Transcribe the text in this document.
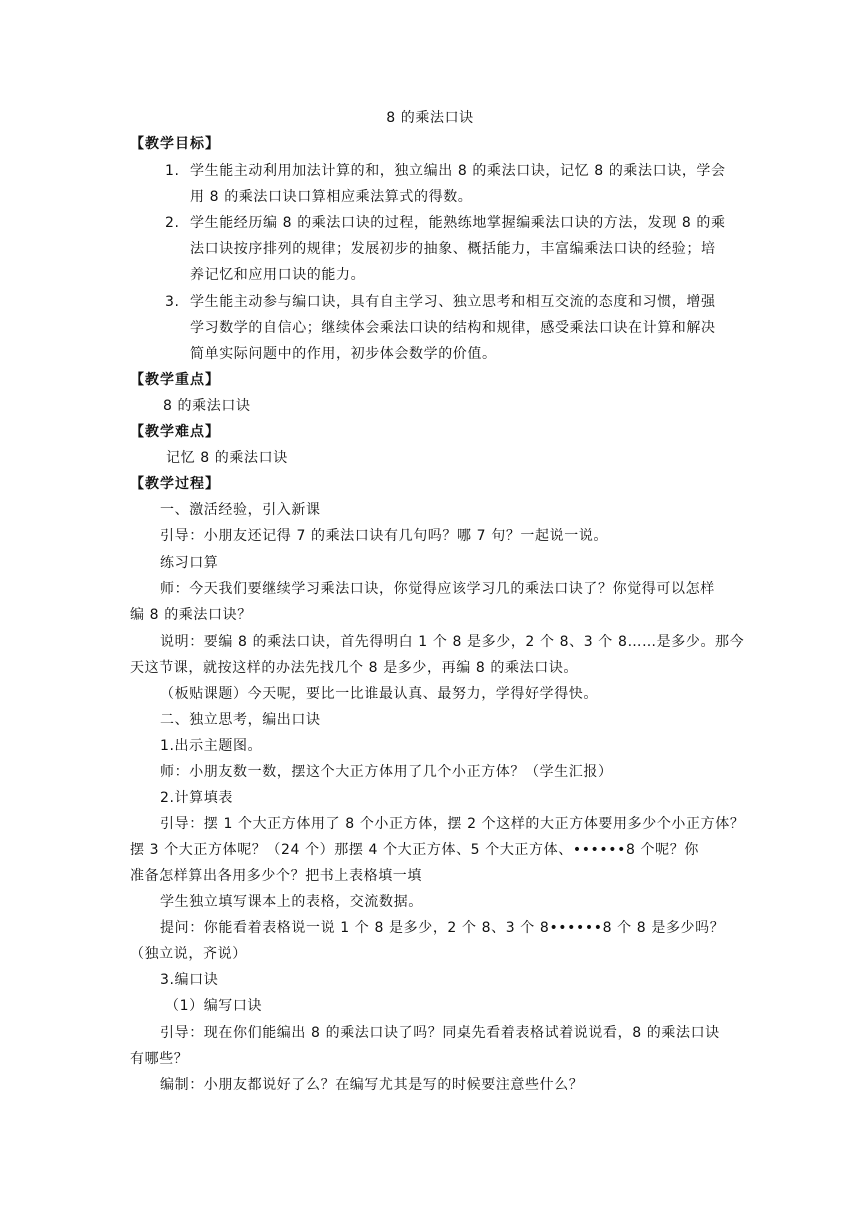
8 的乘法口诀
【教学目标】
1. 学生能主动利用加法计算的和，独立编出 8 的乘法口诀，记忆 8 的乘法口诀，学会
用 8 的乘法口诀口算相应乘法算式的得数。
2. 学生能经历编 8 的乘法口诀的过程，能熟练地掌握编乘法口诀的方法，发现 8 的乘
法口诀按序排列的规律；发展初步的抽象、概括能力，丰富编乘法口诀的经验；培
养记忆和应用口诀的能力。
3. 学生能主动参与编口诀，具有自主学习、独立思考和相互交流的态度和习惯，增强
学习数学的自信心；继续体会乘法口诀的结构和规律，感受乘法口诀在计算和解决
简单实际问题中的作用，初步体会数学的价值。
【教学重点】
8 的乘法口诀
【教学难点】
记忆 8 的乘法口诀
【教学过程】
一、激活经验，引入新课
引导：小朋友还记得 7 的乘法口诀有几句吗？哪 7 句？一起说一说。
练习口算
师：今天我们要继续学习乘法口诀，你觉得应该学习几的乘法口诀了？你觉得可以怎样
编 8 的乘法口诀？
说明：要编 8 的乘法口诀，首先得明白 1 个 8 是多少，2 个 8、3 个 8……是多少。那今
天这节课，就按这样的办法先找几个 8 是多少，再编 8 的乘法口诀。
（板贴课题）今天呢，要比一比谁最认真、最努力，学得好学得快。
二、独立思考，编出口诀
1.出示主题图。
师：小朋友数一数，摆这个大正方体用了几个小正方体？（学生汇报）
2.计算填表
引导：摆 1 个大正方体用了 8 个小正方体，摆 2 个这样的大正方体要用多少个小正方体？
摆 3 个大正方体呢？（24 个）那摆 4 个大正方体、5 个大正方体、••••••8 个呢？你
准备怎样算出各用多少个？把书上表格填一填
学生独立填写课本上的表格，交流数据。
提问：你能看着表格说一说 1 个 8 是多少，2 个 8、3 个 8••••••8 个 8 是多少吗？
（独立说，齐说）
3.编口诀
（1）编写口诀
引导：现在你们能编出 8 的乘法口诀了吗？同桌先看着表格试着说说看，8 的乘法口诀
有哪些？
编制：小朋友都说好了么？在编写尤其是写的时候要注意些什么？
